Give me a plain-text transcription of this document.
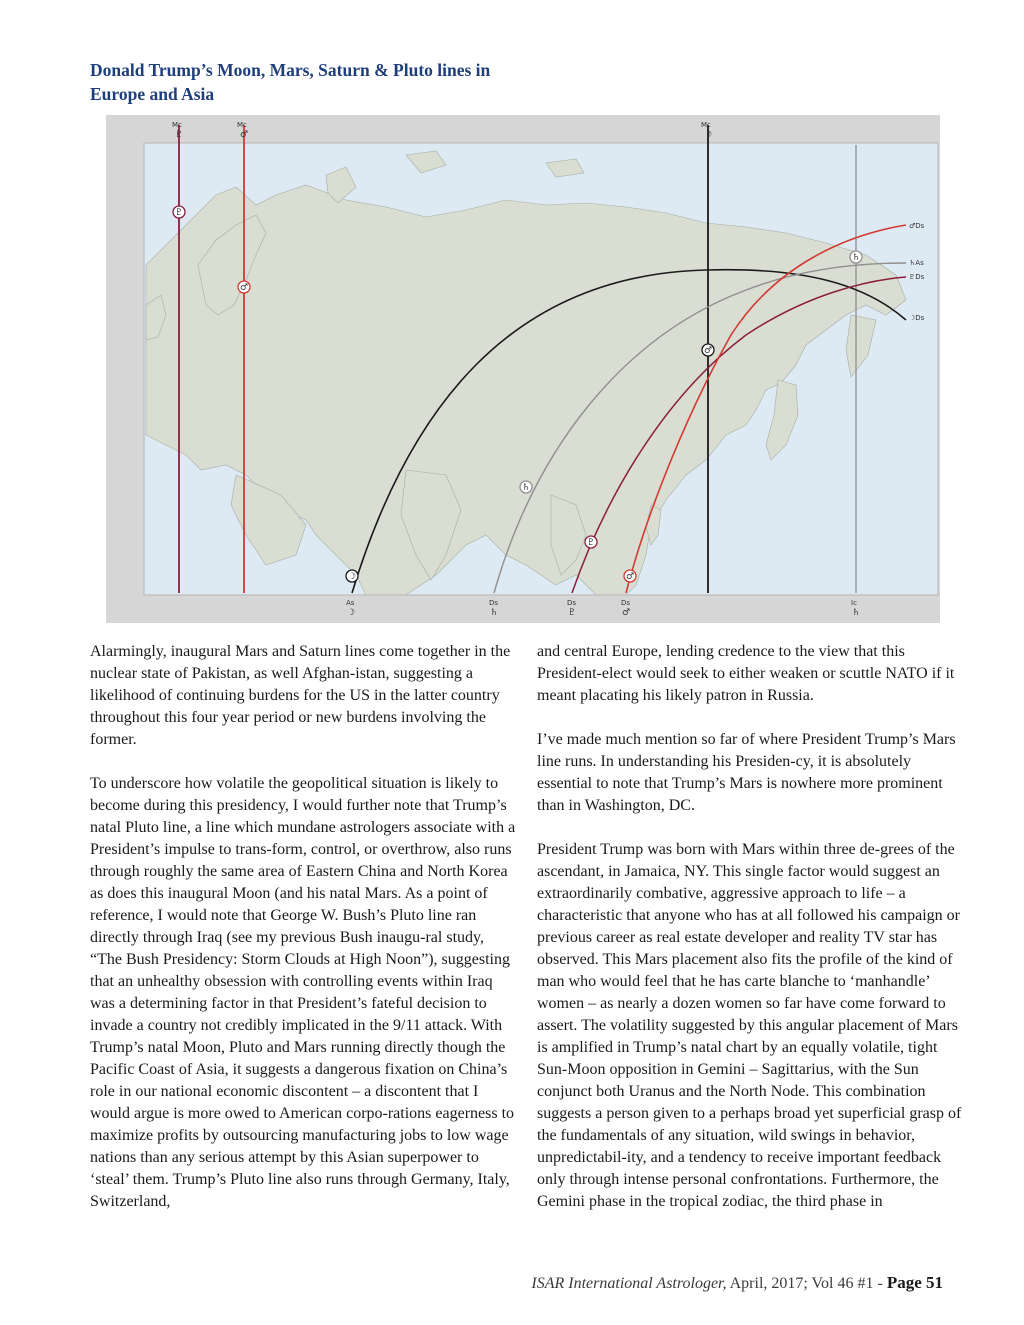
Donald Trump’s Moon, Mars, Saturn & Pluto lines in
Europe and Asia
♇
♂
☽
♄
♇
♂
♂
♄
Mc
♇
Mc
♂
Mc
☽
♂Ds
♄As
♇Ds
☽Ds
As
☽
Ds
♄
Ds
♇
Ds
♂
Ic
♄

Alarmingly, inaugural Mars and Saturn lines come together in the nuclear state of Pakistan, as well Afghan-istan, suggesting a likelihood of continuing burdens for the US in the latter country throughout this four year period or new burdens involving the former.

To underscore how volatile the geopolitical situation is likely to become during this presidency, I would further note that Trump’s natal Pluto line, a line which mundane astrologers associate with a President’s impulse to trans-form, control, or overthrow, also runs through roughly the same area of Eastern China and North Korea as does this inaugural Moon (and his natal Mars. As a point of reference, I would note that George W. Bush’s Pluto line ran directly through Iraq (see my previous Bush inaugu-ral study, “The Bush Presidency: Storm Clouds at High Noon”), suggesting that an unhealthy obsession with controlling events within Iraq was a determining factor in that President’s fateful decision to invade a country not credibly implicated in the 9/11 attack. With Trump’s natal Moon, Pluto and Mars running directly though the Pacific Coast of Asia, it suggests a dangerous fixation on China’s role in our national economic discontent – a discontent that I would argue is more owed to American corpo-rations eagerness to maximize profits by outsourcing manufacturing jobs to low wage nations than any serious attempt by this Asian superpower to ‘steal’ them. Trump’s Pluto line also runs through Germany, Italy, Switzerland,

and central Europe, lending credence to the view that this President-elect would seek to either weaken or scuttle NATO if it meant placating his likely patron in Russia.

I’ve made much mention so far of where President Trump’s Mars line runs. In understanding his Presiden-cy, it is absolutely essential to note that Trump’s Mars is nowhere more prominent than in Washington, DC.

President Trump was born with Mars within three de-grees of the ascendant, in Jamaica, NY. This single factor would suggest an extraordinarily combative, aggressive approach to life – a characteristic that anyone who has at all followed his campaign or previous career as real estate developer and reality TV star has observed. This Mars placement also fits the profile of the kind of man who would feel that he has carte blanche to ‘manhandle’ women – as nearly a dozen women so far have come forward to assert. The volatility suggested by this angular placement of Mars is amplified in Trump’s natal chart by an equally volatile, tight Sun-Moon opposition in Gemini – Sagittarius, with the Sun conjunct both Uranus and the North Node. This combination suggests a person given to a perhaps broad yet superficial grasp of the fundamentals of any situation, wild swings in behavior, unpredictabil-ity, and a tendency to receive important feedback only through intense personal confrontations. Furthermore, the Gemini phase in the tropical zodiac, the third phase in

ISAR International Astrologer, April, 2017; Vol 46 #1 - Page 51
